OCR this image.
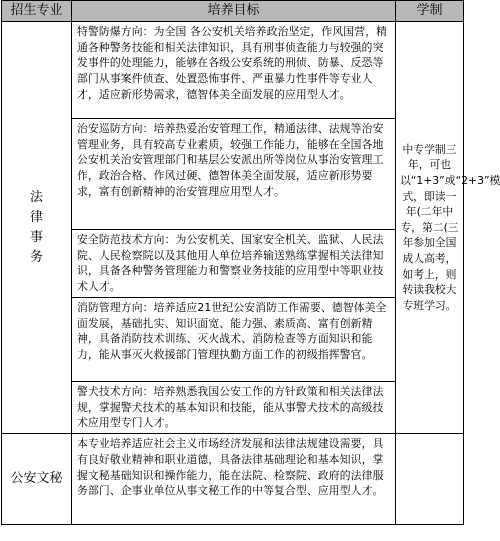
招生专业	培养目标	学制
法律事务	特警防爆方向：为全国 各公安机关培养政治坚定，作风国营，精通各种警务技能和相关法律知识，具有刑事侦查能力与较强的突发事件的处理能力，能够在各级公安系统的刑侦、防暴、反恐等部门从事案件侦查、处置恐怖事件、严重暴力性事件等专业人才，适应新形势需求，德智体美全面发展的应用型人才。	中专学制三年，可也以“1+3”或“2+3”模式，即读一年(二年中专，第二(三年参加全国成人高考，如考上，则转读我校大专班学习。
	治安巡防方向：培养热爱治安管理工作，精通法律、法规等治安管理业务，具有较高专业素质，较强工作能力，能够在全国各地公安机关治安管理部门和基层公安派出所等岗位从事治安管理工作，政治合格、作风过硬、德智体美全面发展，适应新形势要求，富有创新精神的治安管理应用型人才。	
	安全防范技术方向：为公安机关、国家安全机关、监狱、人民法院、人民检察院以及其他用人单位培养输送熟练掌握相关法律知识，具备各种警务管理能力和警察业务技能的应用型中等职业技术人才。	
	消防管理方向：培养适应21世纪公安消防工作需要、德智体美全面发展，基础扎实、知识面宽、能力强、素质高、富有创新精神，具备消防技术训练、灭火战术、消防检查等方面知识和能力，能从事灭火救援部门管理执勤方面工作的初级指挥警官。	
	警犬技术方向：培养熟悉我国公安工作的方针政策和相关法律法规，掌握警犬技术的基本知识和技能，能从事警犬技术的高级技术应用型专门人才。	
公安文秘	本专业培养适应社会主义市场经济发展和法律法规建设需要，具有良好敬业精神和职业道德，具备法律基础理论和基本知识，掌握文秘基础知识和操作能力，能在法院、检察院、政府的法律服务部门、企事业单位从事文秘工作的中等复合型、应用型人才。	
